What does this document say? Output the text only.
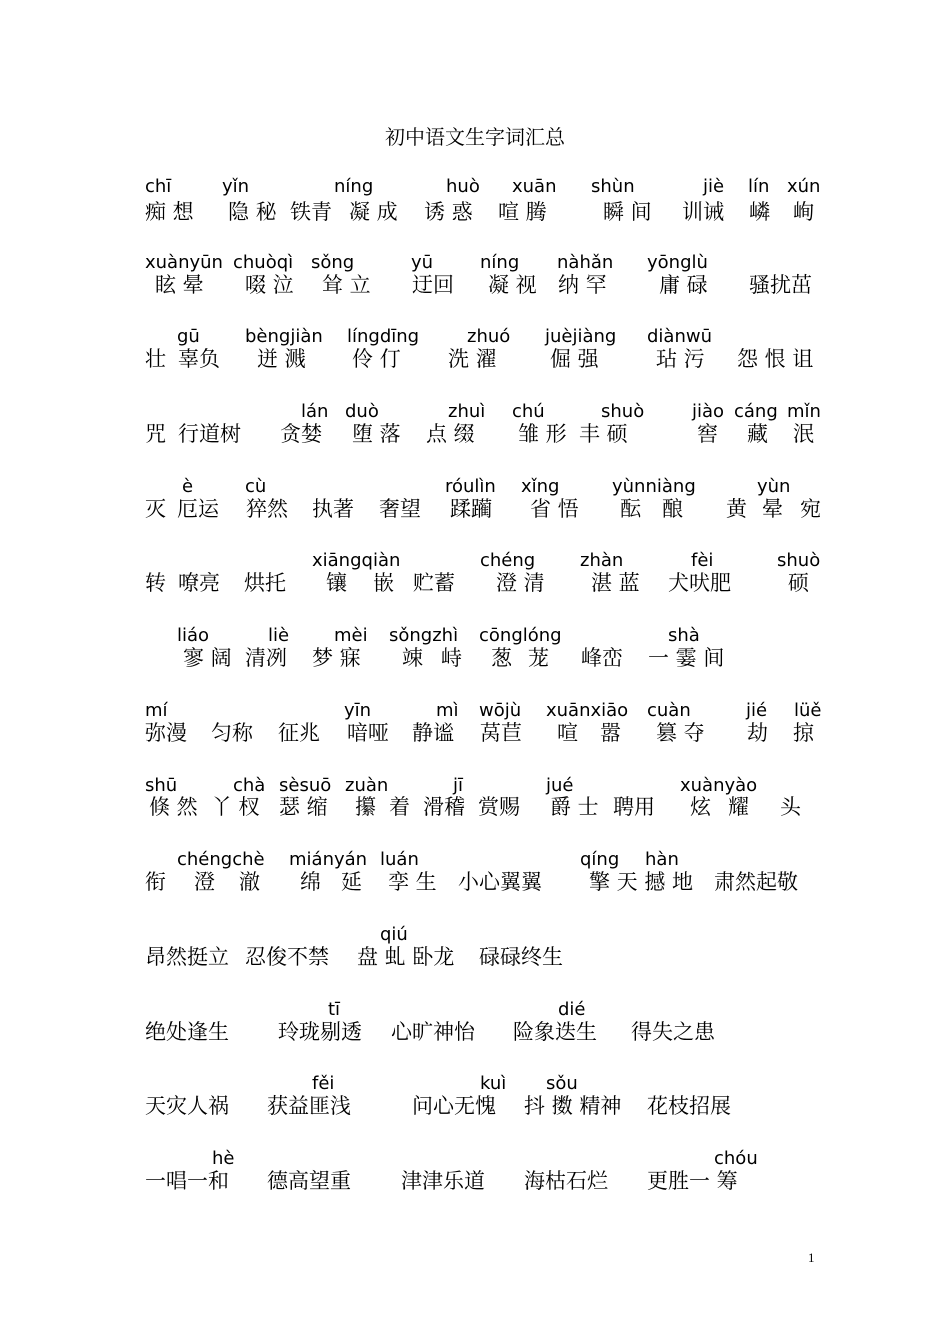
初中语文生字词汇总
chī	yǐn	níng	huò xuān shùn	jiè lín xún
痴 想 隐 秘 铁青 凝 成 诱 惑 喧 腾	瞬 间 训诫 嶙 峋
xuànyūn chuòqì sǒng	yū	níng nàhǎn yōnglù
眩 晕 啜 泣 耸 立 迂回 凝 视 纳 罕 庸 碌 骚扰茁
gū	bèngjiàn língdīng	zhuó juèjiàng diànwū
壮 辜负 迸 溅 伶 仃 洗 濯	倔 强	玷 污 怨 恨 诅
lán duò	zhuì chú	shuò	jiào cáng mǐn
咒 行道树 贪婪 堕 落 点 缀 雏 形 丰 硕	窖 藏 泯
è	cù	róulìn xǐng	yùnniàng	yùn
灭 厄运 猝然 执著 奢望 蹂躏 省 悟 酝 酿 黄 晕 宛
xiāngqiàn	chéng zhàn	fèi	shuò
转 嘹亮 烘托 镶 嵌 贮蓄 澄 清 湛 蓝 犬吠肥	硕
liáo	liè mèi sǒngzhì cōnglóng	shà
寥 阔 清冽 梦 寐 竦 峙 葱 茏 峰峦 一 霎 间
mí	yīn	mì wōjù xuānxiāo cuàn	jié lüě
弥漫 匀称 征兆 喑哑 静谧 莴苣 喧 嚣 篡 夺 劫 掠
shū	chà sèsuō zuàn	jī	jué	xuànyào
倏 然 丫 杈 瑟 缩 攥 着 滑稽 赏赐 爵 士 聘用 炫 耀 头
chéngchè miányán luán	qíng hàn
衔 澄 澈 绵 延 孪 生 小心翼翼 擎 天 撼 地 肃然起敬
qiú
昂然挺立 忍俊不禁 盘 虬 卧龙 碌碌终生
tī	dié
绝处逢生 玲珑剔透 心旷神怡 险象迭生 得失之患
fěi	kuì sǒu
天灾人祸 获益匪浅	问心无愧 抖 擞 精神 花枝招展
hè	chóu
一唱一和 德高望重 津津乐道 海枯石烂 更胜一 筹
1
